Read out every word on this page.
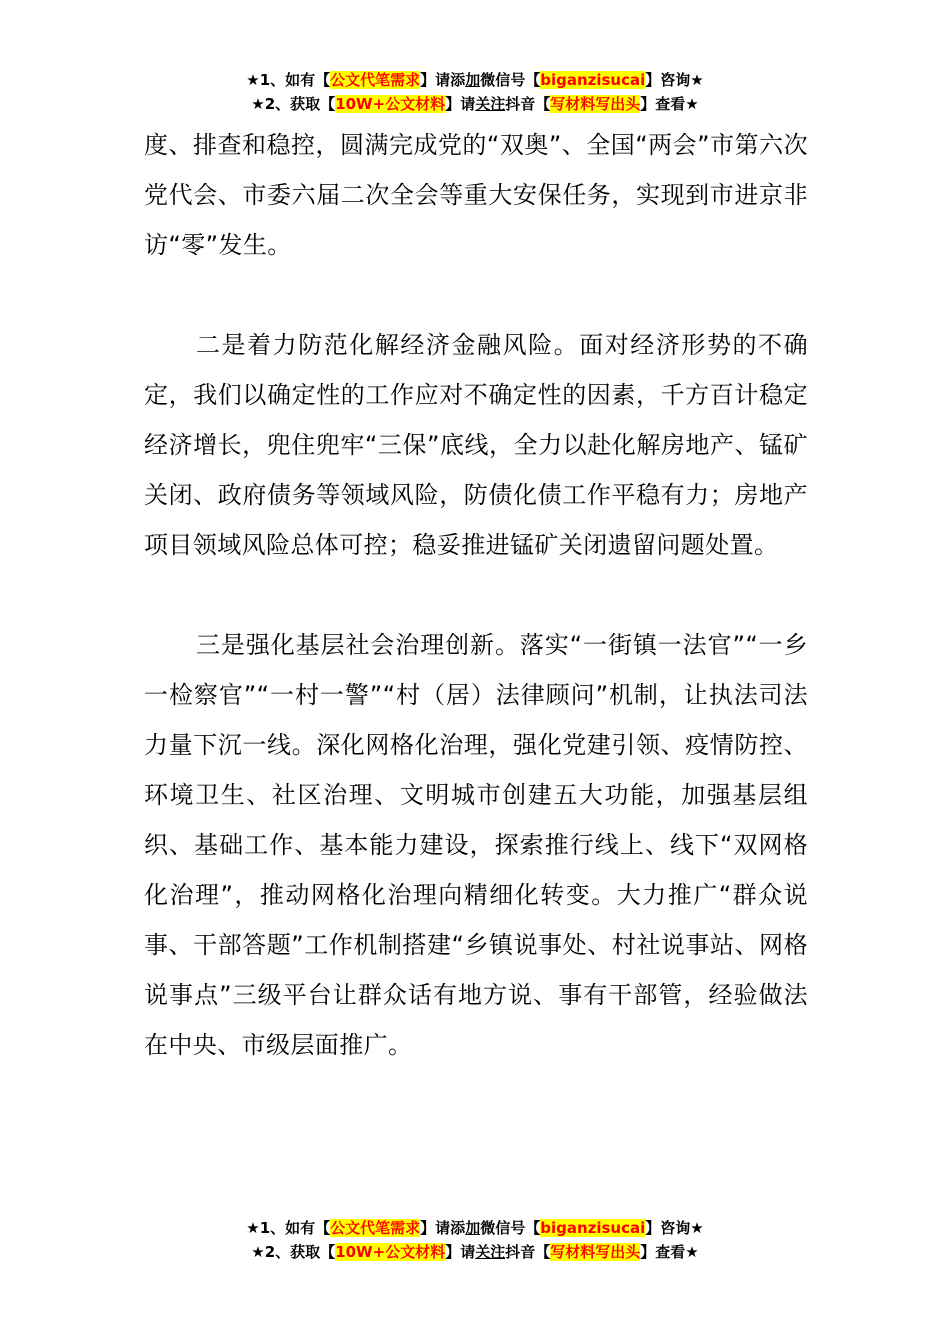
★1、如有【公文代笔需求】请添加微信号【biganzisucai】咨询★
★2、获取【10W+公文材料】请关注抖音【写材料写出头】查看★

度、排查和稳控，圆满完成党的“双奥”、全国“两会”市第六次党代会、市委六届二次全会等重大安保任务，实现到市进京非访“零”发生。

二是着力防范化解经济金融风险。面对经济形势的不确定，我们以确定性的工作应对不确定性的因素，千方百计稳定经济增长，兜住兜牢“三保”底线，全力以赴化解房地产、锰矿关闭、政府债务等领域风险，防债化债工作平稳有力；房地产项目领域风险总体可控；稳妥推进锰矿关闭遗留问题处置。

三是强化基层社会治理创新。落实“一街镇一法官”“一乡一检察官”“一村一警”“村（居）法律顾问”机制，让执法司法力量下沉一线。深化网格化治理，强化党建引领、疫情防控、环境卫生、社区治理、文明城市创建五大功能，加强基层组织、基础工作、基本能力建设，探索推行线上、线下“双网格化治理”，推动网格化治理向精细化转变。大力推广“群众说事、干部答题”工作机制搭建“乡镇说事处、村社说事站、网格说事点”三级平台让群众话有地方说、事有干部管，经验做法在中央、市级层面推广。

★1、如有【公文代笔需求】请添加微信号【biganzisucai】咨询★
★2、获取【10W+公文材料】请关注抖音【写材料写出头】查看★
